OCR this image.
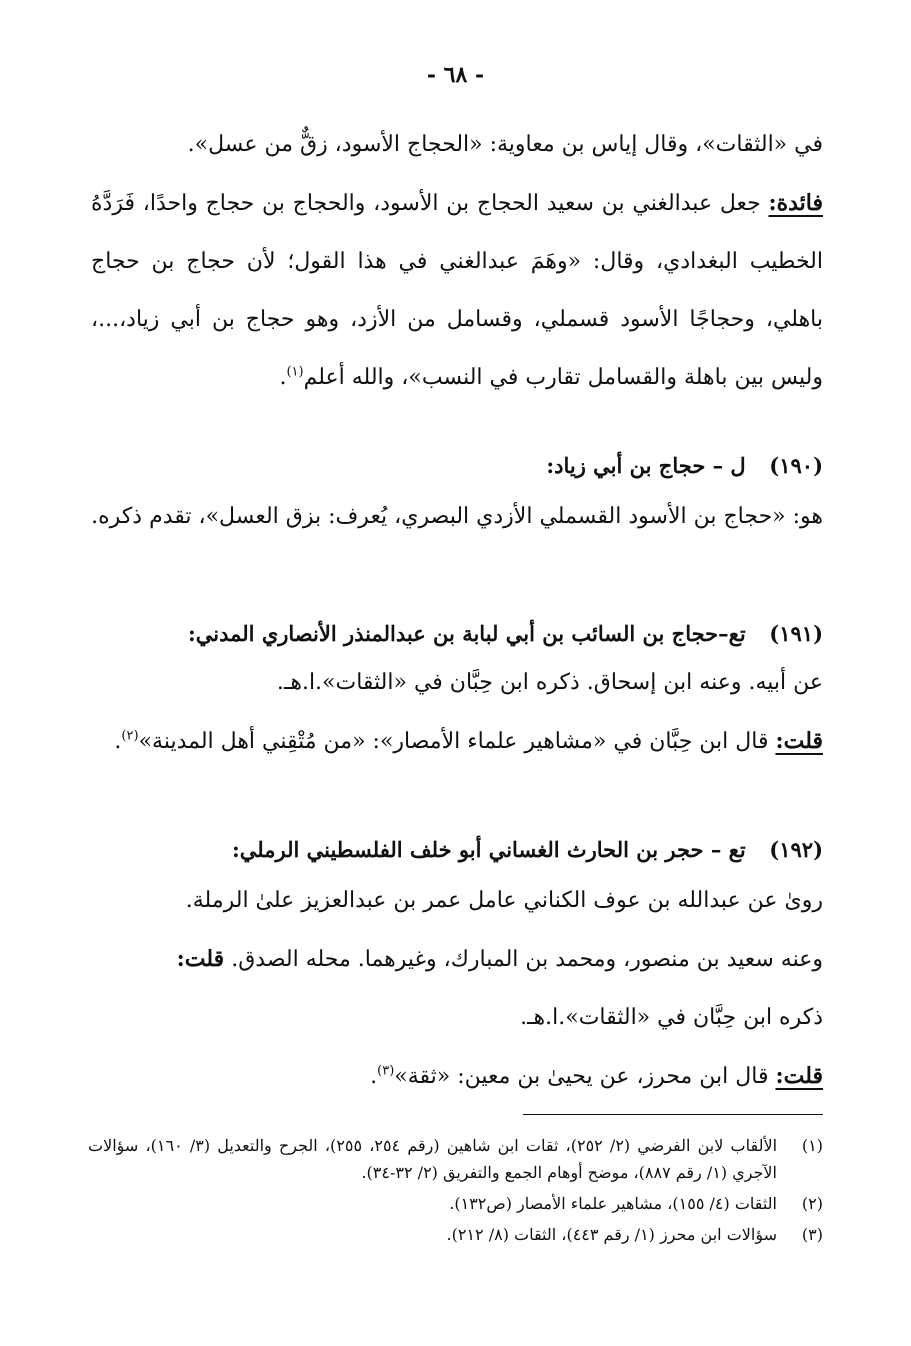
- ٦٨ -

في «الثقات»، وقال إياس بن معاوية: «الحجاج الأسود، زقٌّ من عسل».

فائدة: جعل عبدالغني بن سعيد الحجاج بن الأسود، والحجاج بن حجاج واحدًا، فَرَدَّهُ الخطيب البغدادي، وقال: «وهَمَ عبدالغني في هذا القول؛ لأن حجاج بن حجاج باهلي، وحجاجًا الأسود قسملي، وقسامل من الأزد، وهو حجاج بن أبي زياد،...، وليس بين باهلة والقسامل تقارب في النسب»، والله أعلم$^{(١)}$.

(١٩٠) ل – حجاج بن أبي زياد:

هو: «حجاج بن الأسود القسملي الأزدي البصري، يُعرف: بزق العسل»، تقدم ذكره.

(١٩١) تع–حجاج بن السائب بن أبي لبابة بن عبدالمنذر الأنصاري المدني:

عن أبيه. وعنه ابن إسحاق. ذكره ابن حِبَّان في «الثقات».ا.هـ.

قلت: قال ابن حِبَّان في «مشاهير علماء الأمصار»: «من مُتْقِني أهل المدينة»$^{(٢)}$.

(١٩٢) تع – حجر بن الحارث الغساني أبو خلف الفلسطيني الرملي:

روىٰ عن عبدالله بن عوف الكناني عامل عمر بن عبدالعزيز علىٰ الرملة.

وعنه سعيد بن منصور، ومحمد بن المبارك، وغيرهما. محله الصدق. قلت:

ذكره ابن حِبَّان في «الثقات».ا.هـ.

قلت: قال ابن محرز، عن يحيىٰ بن معين: «ثقة»$^{(٣)}$.

(١)
الألقاب لابن الفرضي (٢/ ٢٥٢)، ثقات ابن شاهين (رقم ٢٥٤، ٢٥٥)، الجرح والتعديل (٣/ ١٦٠)، سؤالات الآجري (١/ رقم ٨٨٧)، موضح أوهام الجمع والتفريق (٢/ ٣٢-٣٤).
(٢)
الثقات (٤/ ١٥٥)، مشاهير علماء الأمصار (ص١٣٢).
(٣)
سؤالات ابن محرز (١/ رقم ٤٤٣)، الثقات (٨/ ٢١٢).
